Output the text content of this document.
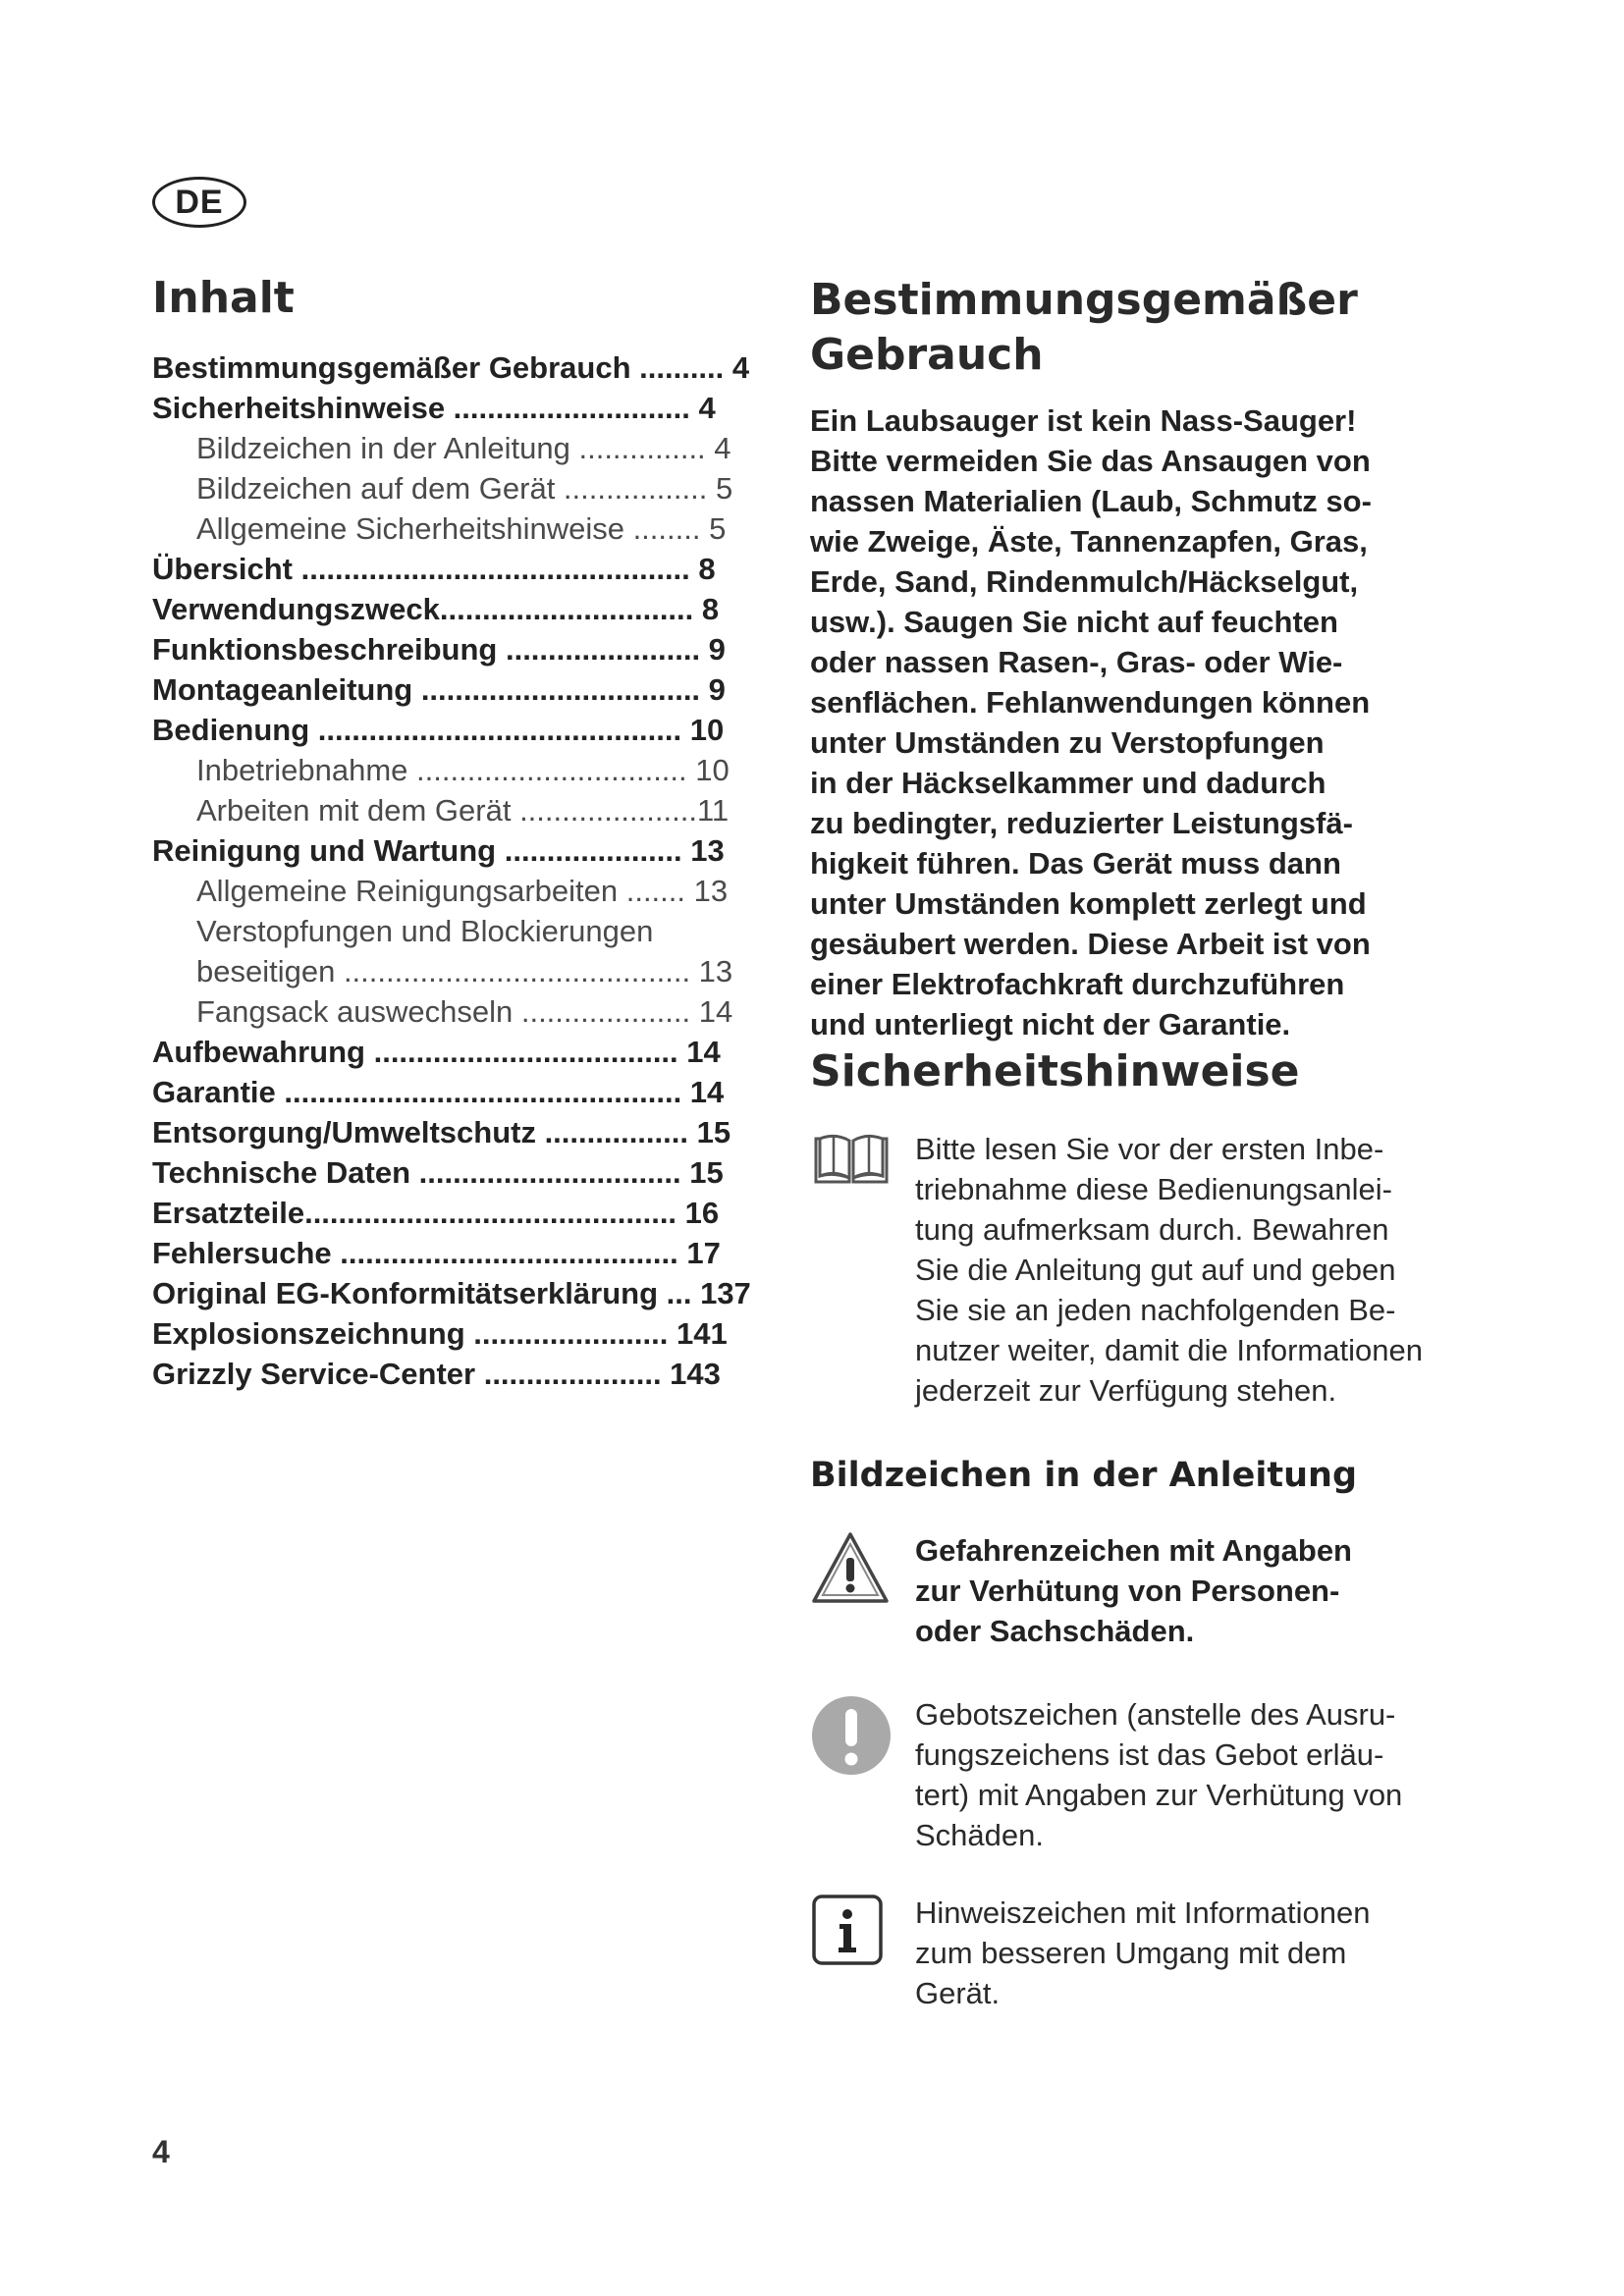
DE
Inhalt
Bestimmungsgemäßer Gebrauch .......... 4
Sicherheitshinweise ............................ 4
Bildzeichen in der Anleitung ............... 4
Bildzeichen auf dem Gerät ................. 5
Allgemeine Sicherheitshinweise ........ 5
Übersicht .............................................. 8
Verwendungszweck.............................. 8
Funktionsbeschreibung ....................... 9
Montageanleitung ................................. 9
Bedienung ........................................... 10
Inbetriebnahme ................................ 10
Arbeiten mit dem Gerät .....................11
Reinigung und Wartung ..................... 13
Allgemeine Reinigungsarbeiten ....... 13
Verstopfungen und Blockierungen
beseitigen ......................................... 13
Fangsack auswechseln .................... 14
Aufbewahrung .................................... 14
Garantie ............................................... 14
Entsorgung/Umweltschutz ................. 15
Technische Daten ............................... 15
Ersatzteile............................................ 16
Fehlersuche ........................................ 17
Original EG-Konformitätserklärung ... 137
Explosionszeichnung ....................... 141
Grizzly Service-Center ..................... 143
Bestimmungsgemäßer
Gebrauch
Ein Laubsauger ist kein Nass-Sauger!
Bitte vermeiden Sie das Ansaugen von
nassen Materialien (Laub, Schmutz so-
wie Zweige, Äste, Tannenzapfen, Gras,
Erde, Sand, Rindenmulch/Häckselgut,
usw.). Saugen Sie nicht auf feuchten
oder nassen Rasen-, Gras- oder Wie-
senflächen. Fehlanwendungen können
unter Umständen zu Verstopfungen
in der Häckselkammer und dadurch
zu bedingter, reduzierter Leistungsfä-
higkeit führen. Das Gerät muss dann
unter Umständen komplett zerlegt und
gesäubert werden. Diese Arbeit ist von
einer Elektrofachkraft durchzuführen
und unterliegt nicht der Garantie.
Sicherheitshinweise
Bitte lesen Sie vor der ersten Inbe-
triebnahme diese Bedienungsanlei-
tung aufmerksam durch. Bewahren
Sie die Anleitung gut auf und geben
Sie sie an jeden nachfolgenden Be-
nutzer weiter, damit die Informationen
jederzeit zur Verfügung stehen.
Bildzeichen in der Anleitung
Gefahrenzeichen mit Angaben
zur Verhütung von Personen-
oder Sachschäden.
Gebotszeichen (anstelle des Ausru-
fungszeichens ist das Gebot erläu-
tert) mit Angaben zur Verhütung von
Schäden.
Hinweiszeichen mit Informationen
zum besseren Umgang mit dem
Gerät.
4
